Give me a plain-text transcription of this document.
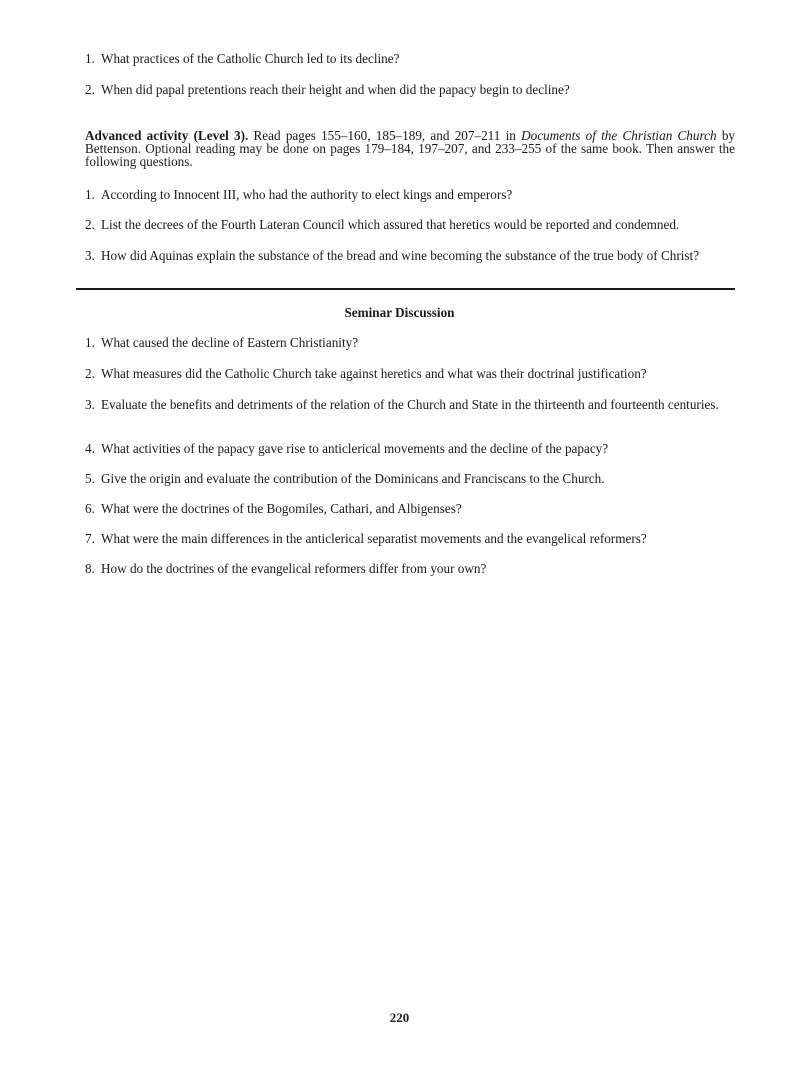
1. What practices of the Catholic Church led to its decline?

2. When did papal pretentions reach their height and when did the papacy begin to decline?

Advanced activity (Level 3). Read pages 155–160, 185–189, and 207–211 in Documents of the Christian Church by Bettenson. Optional reading may be done on pages 179–184, 197–207, and 233–255 of the same book. Then answer the following questions.

1. According to Innocent III, who had the authority to elect kings and emperors?

2. List the decrees of the Fourth Lateran Council which assured that heretics would be reported and condemned.

3. How did Aquinas explain the substance of the bread and wine becoming the substance of the true body of Christ?

Seminar Discussion

1. What caused the decline of Eastern Christianity?

2. What measures did the Catholic Church take against heretics and what was their doctrinal justification?

3. Evaluate the benefits and detriments of the relation of the Church and State in the thirteenth and fourteenth centuries.

4. What activities of the papacy gave rise to anticlerical movements and the decline of the papacy?

5. Give the origin and evaluate the contribution of the Dominicans and Franciscans to the Church.

6. What were the doctrines of the Bogomiles, Cathari, and Albigenses?

7. What were the main differences in the anticlerical separatist movements and the evangelical reformers?

8. How do the doctrines of the evangelical reformers differ from your own?

220
